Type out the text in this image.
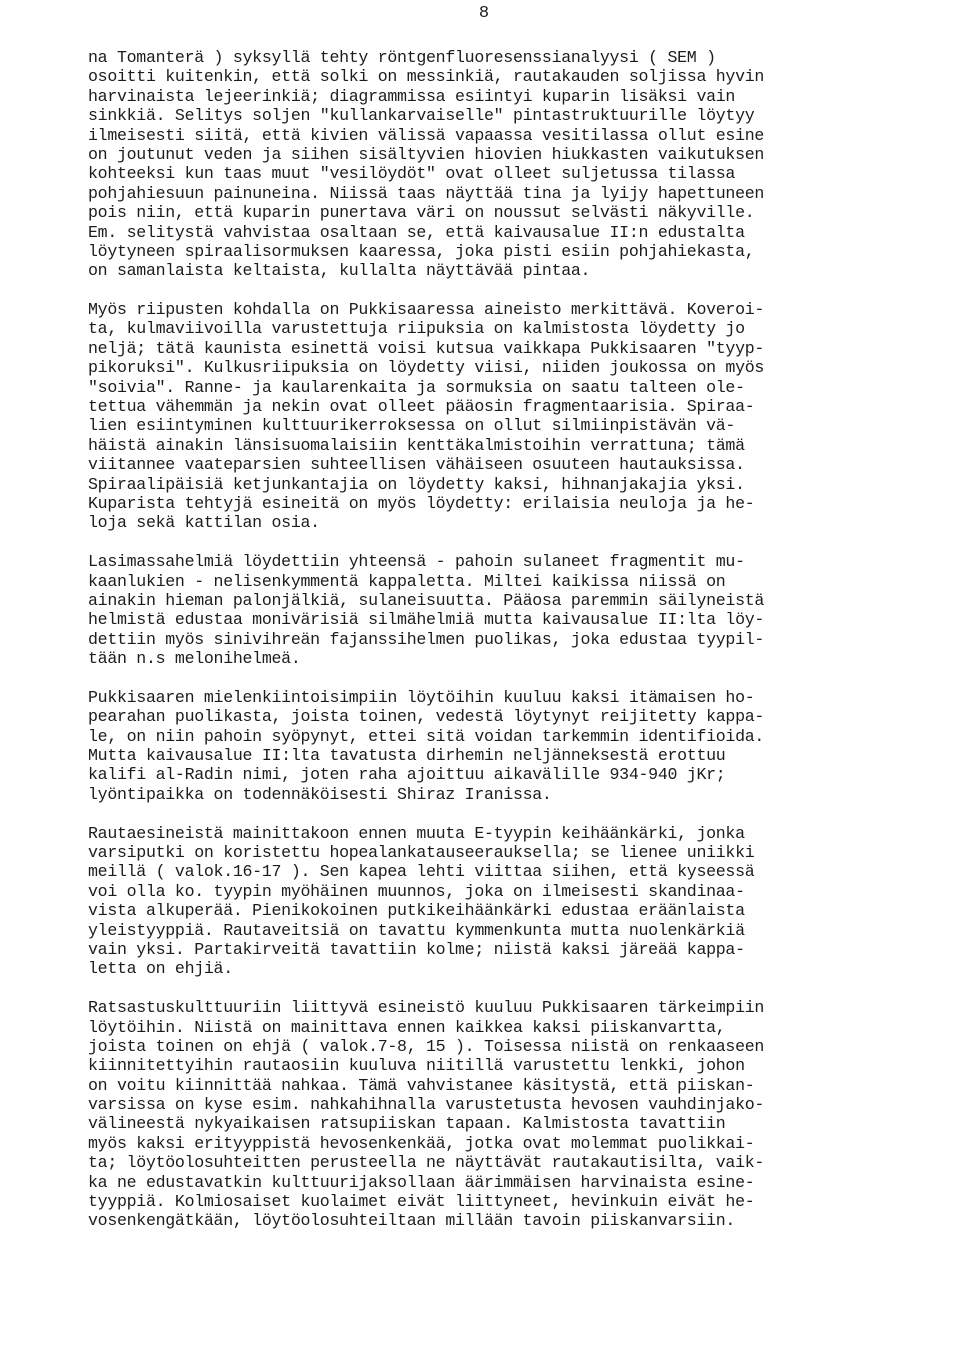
8
na Tomanterä ) syksyllä tehty röntgenfluoresenssianalyysi ( SEM )
osoitti kuitenkin, että solki on messinkiä, rautakauden soljissa hyvin
harvinaista lejeerinkiä; diagrammissa esiintyi kuparin lisäksi vain
sinkkiä. Selitys soljen "kullankarvaiselle" pintastruktuurille löytyy
ilmeisesti siitä, että kivien välissä vapaassa vesitilassa ollut esine
on joutunut veden ja siihen sisältyvien hiovien hiukkasten vaikutuksen
kohteeksi kun taas muut "vesilöydöt" ovat olleet suljetussa tilassa
pohjahiesuun painuneina. Niissä taas näyttää tina ja lyijy hapettuneen
pois niin, että kuparin punertava väri on noussut selvästi näkyville.
Em. selitystä vahvistaa osaltaan se, että kaivausalue II:n edustalta
löytyneen spiraalisormuksen kaaressa, joka pisti esiin pohjahiekasta,
on samanlaista keltaista, kullalta näyttävää pintaa.
Myös riipusten kohdalla on Pukkisaaressa aineisto merkittävä. Koveroi-
ta, kulmaviivoilla varustettuja riipuksia on kalmistosta löydetty jo
neljä; tätä kaunista esinettä voisi kutsua vaikkapa Pukkisaaren "tyyp-
pikoruksi". Kulkusriipuksia on löydetty viisi, niiden joukossa on myös
"soivia". Ranne- ja kaularenkaita ja sormuksia on saatu talteen ole-
tettua vähemmän ja nekin ovat olleet pääosin fragmentaarisia. Spiraa-
lien esiintyminen kulttuurikerroksessa on ollut silmiinpistävän vä-
häistä ainakin länsisuomalaisiin kenttäkalmistoihin verrattuna; tämä
viitannee vaateparsien suhteellisen vähäiseen osuuteen hautauksissa.
Spiraalipäisiä ketjunkantajia on löydetty kaksi, hihnanjakajia yksi.
Kuparista tehtyjä esineitä on myös löydetty: erilaisia neuloja ja he-
loja sekä kattilan osia.
Lasimassahelmiä löydettiin yhteensä - pahoin sulaneet fragmentit mu-
kaanlukien - nelisenkymmentä kappaletta. Miltei kaikissa niissä on
ainakin hieman palonjälkiä, sulaneisuutta. Pääosa paremmin säilyneistä
helmistä edustaa monivärisiä silmähelmiä mutta kaivausalue II:lta löy-
dettiin myös sinivihreän fajanssihelmen puolikas, joka edustaa tyypil-
tään n.s melonihelmeä.
Pukkisaaren mielenkiintoisimpiin löytöihin kuuluu kaksi itämaisen ho-
pearahan puolikasta, joista toinen, vedestä löytynyt reijitetty kappa-
le, on niin pahoin syöpynyt, ettei sitä voidan tarkemmin identifioida.
Mutta kaivausalue II:lta tavatusta dirhemin neljänneksestä erottuu
kalifi al-Radin nimi, joten raha ajoittuu aikavälille 934-940 jKr;
lyöntipaikka on todennäköisesti Shiraz Iranissa.
Rautaesineistä mainittakoon ennen muuta E-tyypin keihäänkärki, jonka
varsiputki on koristettu hopealankatauseerauksella; se lienee uniikki
meillä ( valok.16-17 ). Sen kapea lehti viittaa siihen, että kyseessä
voi olla ko. tyypin myöhäinen muunnos, joka on ilmeisesti skandinaa-
vista alkuperää. Pienikokoinen putkikeihäänkärki edustaa eräänlaista
yleistyyppiä. Rautaveitsiä on tavattu kymmenkunta mutta nuolenkärkiä
vain yksi. Partakirveitä tavattiin kolme; niistä kaksi järeää kappa-
letta on ehjiä.
Ratsastuskulttuuriin liittyvä esineistö kuuluu Pukkisaaren tärkeimpiin
löytöihin. Niistä on mainittava ennen kaikkea kaksi piiskanvartta,
joista toinen on ehjä ( valok.7-8, 15 ). Toisessa niistä on renkaaseen
kiinnitettyihin rautaosiin kuuluva niitillä varustettu lenkki, johon
on voitu kiinnittää nahkaa. Tämä vahvistanee käsitystä, että piiskan-
varsissa on kyse esim. nahkahihnalla varustetusta hevosen vauhdinjako-
välineestä nykyaikaisen ratsupiiskan tapaan. Kalmistosta tavattiin
myös kaksi erityyppistä hevosenkenkää, jotka ovat molemmat puolikkai-
ta; löytöolosuhteitten perusteella ne näyttävät rautakautisilta, vaik-
ka ne edustavatkin kulttuurijaksollaan äärimmäisen harvinaista esine-
tyyppiä. Kolmiosaiset kuolaimet eivät liittyneet, hevinkuin eivät he-
vosenkengätkään, löytöolosuhteiltaan millään tavoin piiskanvarsiin.
